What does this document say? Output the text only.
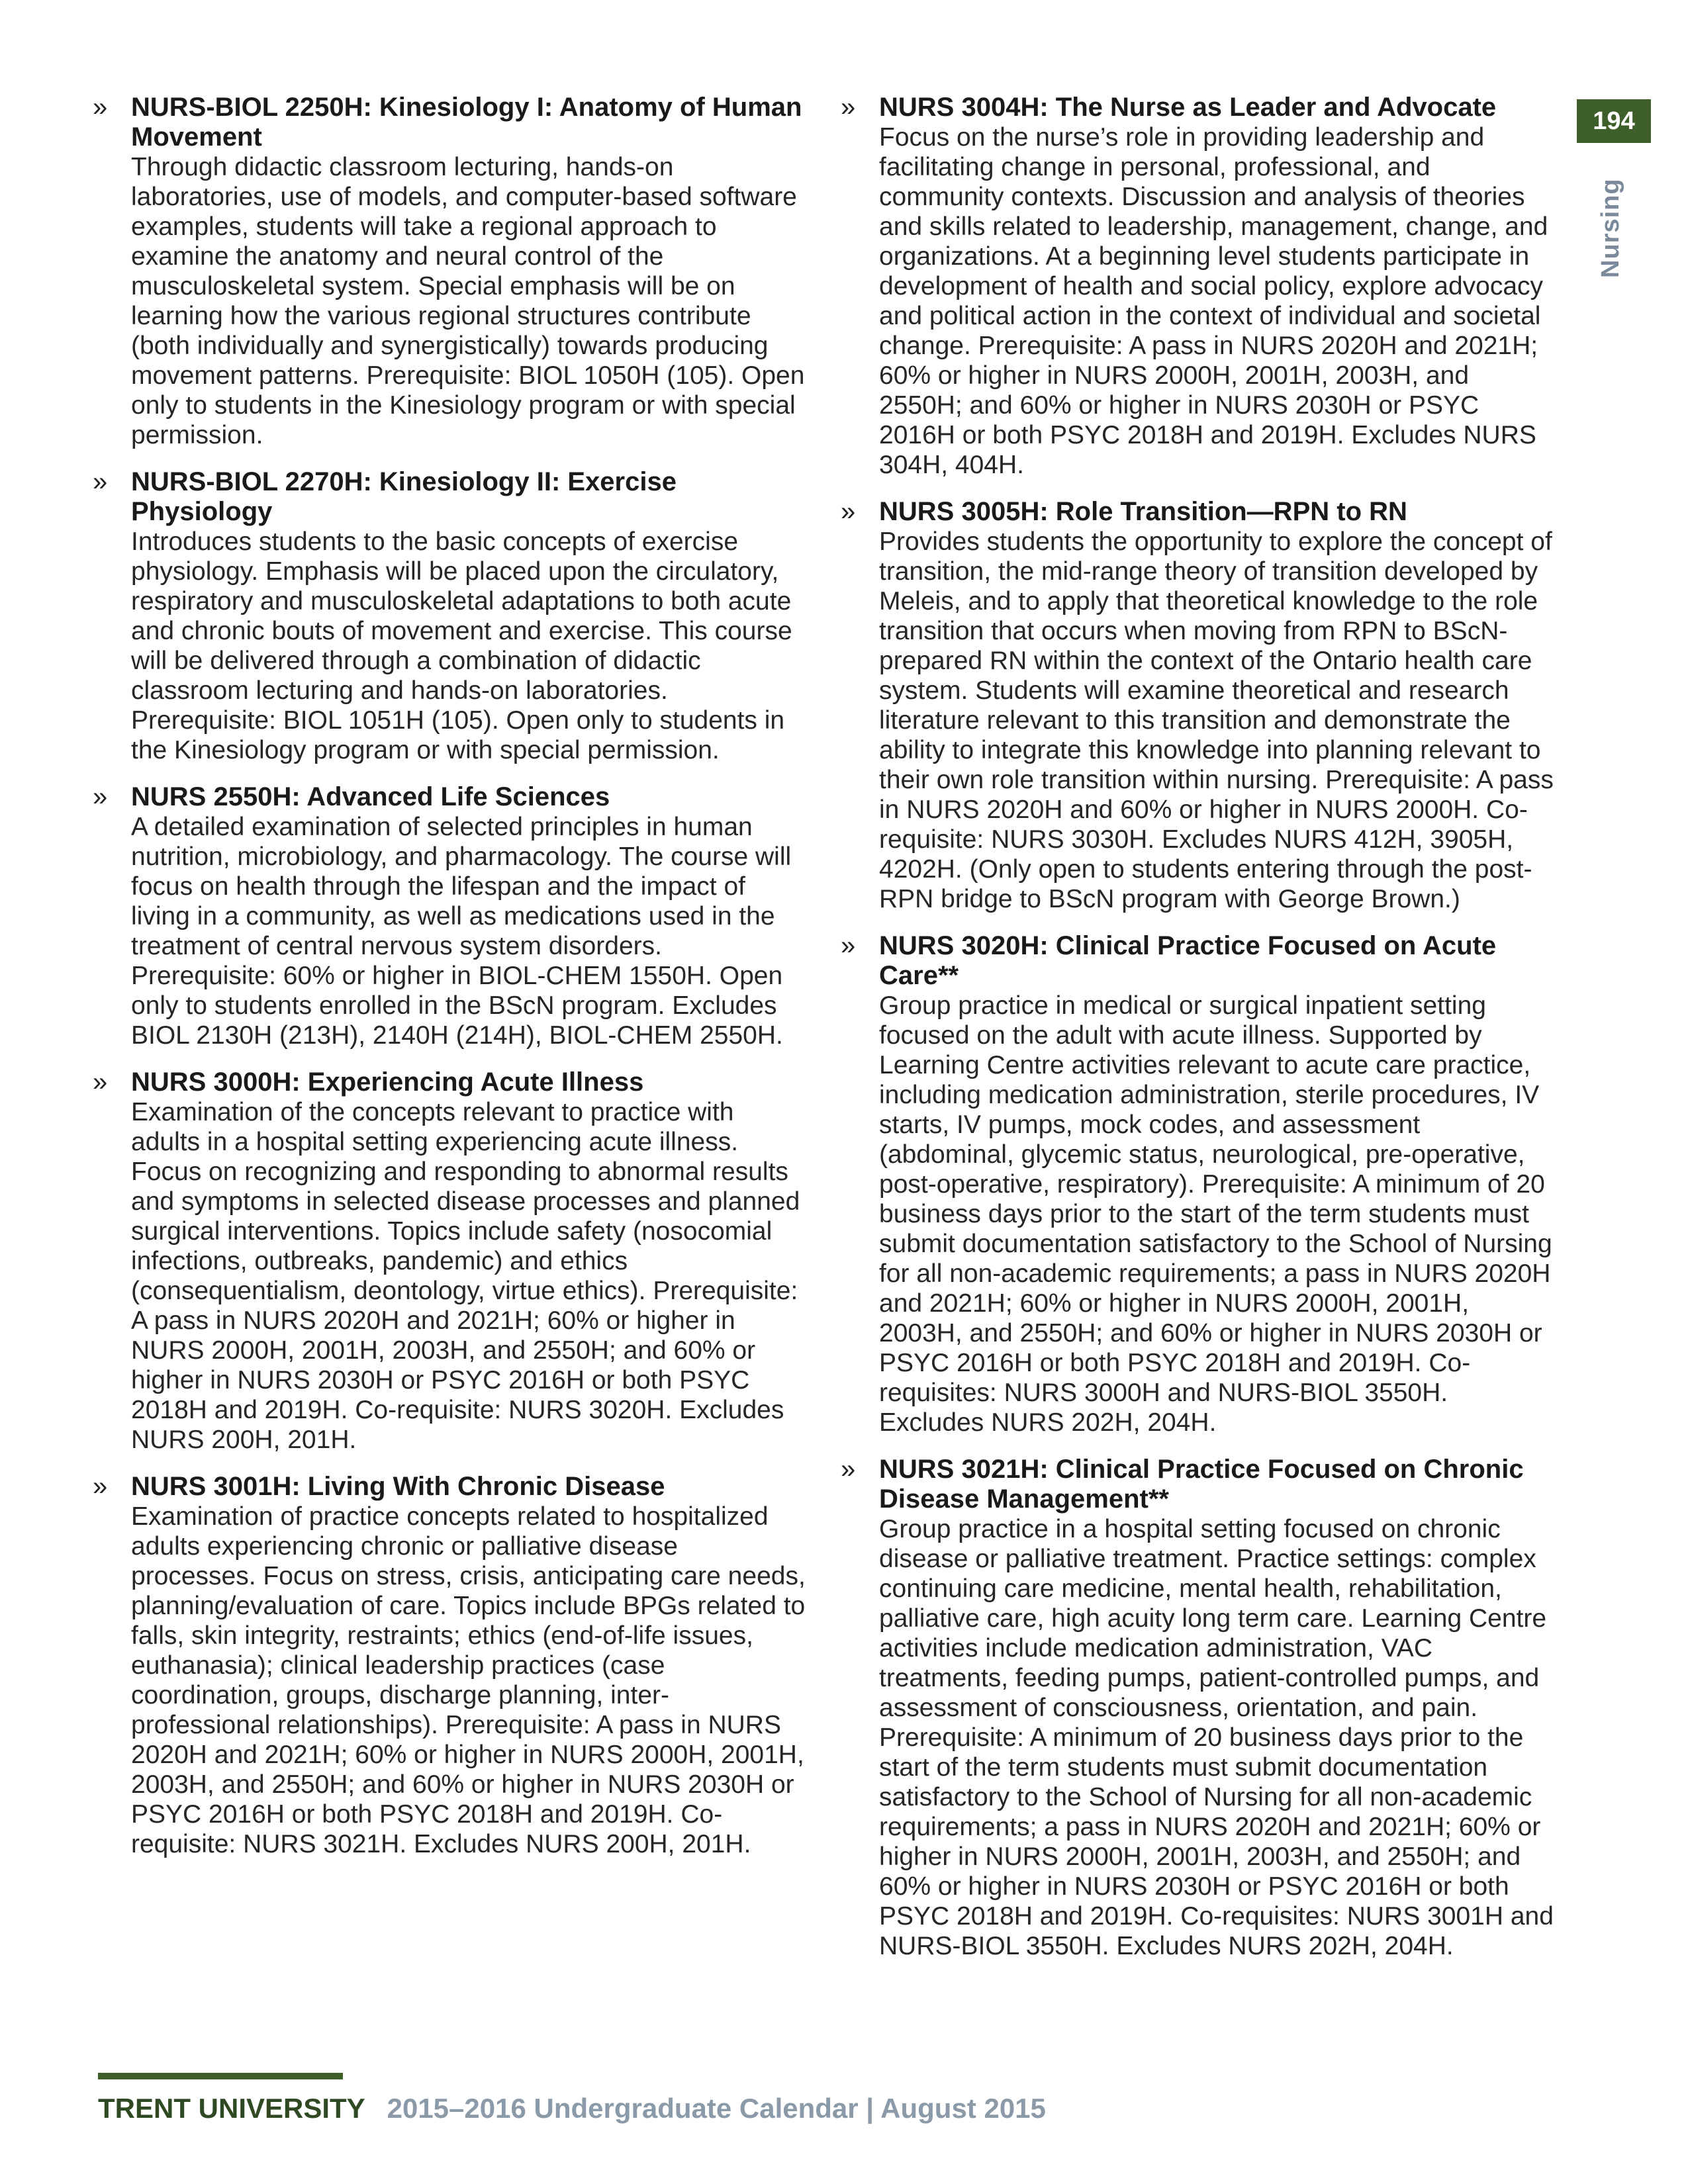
» NURS-BIOL 2250H: Kinesiology I: Anatomy of Human Movement
Through didactic classroom lecturing, hands-on laboratories, use of models, and computer-based software examples, students will take a regional approach to examine the anatomy and neural control of the musculoskeletal system. Special emphasis will be on learning how the various regional structures contribute (both individually and synergistically) towards producing movement patterns. Prerequisite: BIOL 1050H (105). Open only to students in the Kinesiology program or with special permission.
» NURS-BIOL 2270H: Kinesiology II: Exercise Physiology
Introduces students to the basic concepts of exercise physiology. Emphasis will be placed upon the circulatory, respiratory and musculoskeletal adaptations to both acute and chronic bouts of movement and exercise. This course will be delivered through a combination of didactic classroom lecturing and hands-on laboratories. Prerequisite: BIOL 1051H (105). Open only to students in the Kinesiology program or with special permission.
» NURS 2550H: Advanced Life Sciences
A detailed examination of selected principles in human nutrition, microbiology, and pharmacology. The course will focus on health through the lifespan and the impact of living in a community, as well as medications used in the treatment of central nervous system disorders. Prerequisite: 60% or higher in BIOL-CHEM 1550H. Open only to students enrolled in the BScN program. Excludes BIOL 2130H (213H), 2140H (214H), BIOL-CHEM 2550H.
» NURS 3000H: Experiencing Acute Illness
Examination of the concepts relevant to practice with adults in a hospital setting experiencing acute illness. Focus on recognizing and responding to abnormal results and symptoms in selected disease processes and planned surgical interventions. Topics include safety (nosocomial infections, outbreaks, pandemic) and ethics (consequentialism, deontology, virtue ethics). Prerequisite: A pass in NURS 2020H and 2021H; 60% or higher in NURS 2000H, 2001H, 2003H, and 2550H; and 60% or higher in NURS 2030H or PSYC 2016H or both PSYC 2018H and 2019H. Co-requisite: NURS 3020H. Excludes NURS 200H, 201H.
» NURS 3001H: Living With Chronic Disease
Examination of practice concepts related to hospitalized adults experiencing chronic or palliative disease processes. Focus on stress, crisis, anticipating care needs, planning/evaluation of care. Topics include BPGs related to falls, skin integrity, restraints; ethics (end-of-life issues, euthanasia); clinical leadership practices (case coordination, groups, discharge planning, inter-professional relationships). Prerequisite: A pass in NURS 2020H and 2021H; 60% or higher in NURS 2000H, 2001H, 2003H, and 2550H; and 60% or higher in NURS 2030H or PSYC 2016H or both PSYC 2018H and 2019H. Co-requisite: NURS 3021H. Excludes NURS 200H, 201H.
» NURS 3004H: The Nurse as Leader and Advocate
Focus on the nurse’s role in providing leadership and facilitating change in personal, professional, and community contexts. Discussion and analysis of theories and skills related to leadership, management, change, and organizations. At a beginning level students participate in development of health and social policy, explore advocacy and political action in the context of individual and societal change. Prerequisite: A pass in NURS 2020H and 2021H; 60% or higher in NURS 2000H, 2001H, 2003H, and 2550H; and 60% or higher in NURS 2030H or PSYC 2016H or both PSYC 2018H and 2019H. Excludes NURS 304H, 404H.
» NURS 3005H: Role Transition—RPN to RN
Provides students the opportunity to explore the concept of transition, the mid-range theory of transition developed by Meleis, and to apply that theoretical knowledge to the role transition that occurs when moving from RPN to BScN-prepared RN within the context of the Ontario health care system. Students will examine theoretical and research literature relevant to this transition and demonstrate the ability to integrate this knowledge into planning relevant to their own role transition within nursing. Prerequisite: A pass in NURS 2020H and 60% or higher in NURS 2000H. Co-requisite: NURS 3030H. Excludes NURS 412H, 3905H, 4202H. (Only open to students entering through the post-RPN bridge to BScN program with George Brown.)
» NURS 3020H: Clinical Practice Focused on Acute Care**
Group practice in medical or surgical inpatient setting focused on the adult with acute illness. Supported by Learning Centre activities relevant to acute care practice, including medication administration, sterile procedures, IV starts, IV pumps, mock codes, and assessment (abdominal, glycemic status, neurological, pre-operative, post-operative, respiratory). Prerequisite: A minimum of 20 business days prior to the start of the term students must submit documentation satisfactory to the School of Nursing for all non-academic requirements; a pass in NURS 2020H and 2021H; 60% or higher in NURS 2000H, 2001H, 2003H, and 2550H; and 60% or higher in NURS 2030H or PSYC 2016H or both PSYC 2018H and 2019H. Co-requisites: NURS 3000H and NURS-BIOL 3550H. Excludes NURS 202H, 204H.
» NURS 3021H: Clinical Practice Focused on Chronic Disease Management**
Group practice in a hospital setting focused on chronic disease or palliative treatment. Practice settings: complex continuing care medicine, mental health, rehabilitation, palliative care, high acuity long term care. Learning Centre activities include medication administration, VAC treatments, feeding pumps, patient-controlled pumps, and assessment of consciousness, orientation, and pain. Prerequisite: A minimum of 20 business days prior to the start of the term students must submit documentation satisfactory to the School of Nursing for all non-academic requirements; a pass in NURS 2020H and 2021H; 60% or higher in NURS 2000H, 2001H, 2003H, and 2550H; and 60% or higher in NURS 2030H or PSYC 2016H or both PSYC 2018H and 2019H. Co-requisites: NURS 3001H and NURS-BIOL 3550H. Excludes NURS 202H, 204H.
194
Nursing
TRENT UNIVERSITY 2015–2016 Undergraduate Calendar | August 2015
